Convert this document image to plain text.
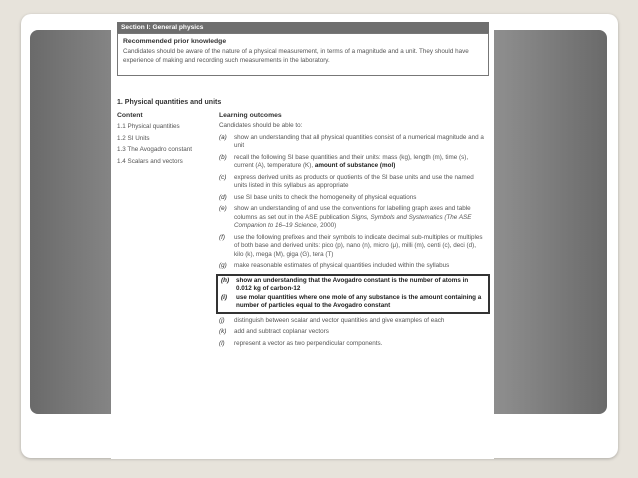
Section I: General physics
Recommended prior knowledge
Candidates should be aware of the nature of a physical measurement, in terms of a magnitude and a unit. They should have experience of making and recording such measurements in the laboratory.
1. Physical quantities and units
Content
1.1 Physical quantities
1.2 SI Units
1.3 The Avogadro constant
1.4 Scalars and vectors
Learning outcomes
Candidates should be able to:
(a)	show an understanding that all physical quantities consist of a numerical magnitude and a unit
(b)	recall the following SI base quantities and their units: mass (kg), length (m), time (s), current (A), temperature (K), amount of substance (mol)
(c)	express derived units as products or quotients of the SI base units and use the named units listed in this syllabus as appropriate
(d)	use SI base units to check the homogeneity of physical equations
(e)	show an understanding of and use the conventions for labelling graph axes and table columns as set out in the ASE publication Signs, Symbols and Systematics (The ASE Companion to 16–19 Science, 2000)
(f)	use the following prefixes and their symbols to indicate decimal sub-multiples or multiples of both base and derived units: pico (p), nano (n), micro (μ), milli (m), centi (c), deci (d), kilo (k), mega (M), giga (G), tera (T)
(g)	make reasonable estimates of physical quantities included within the syllabus
(h)	show an understanding that the Avogadro constant is the number of atoms in 0.012 kg of carbon-12
(i)	use molar quantities where one mole of any substance is the amount containing a number of particles equal to the Avogadro constant
(j)	distinguish between scalar and vector quantities and give examples of each
(k)	add and subtract coplanar vectors
(l)	represent a vector as two perpendicular components.
